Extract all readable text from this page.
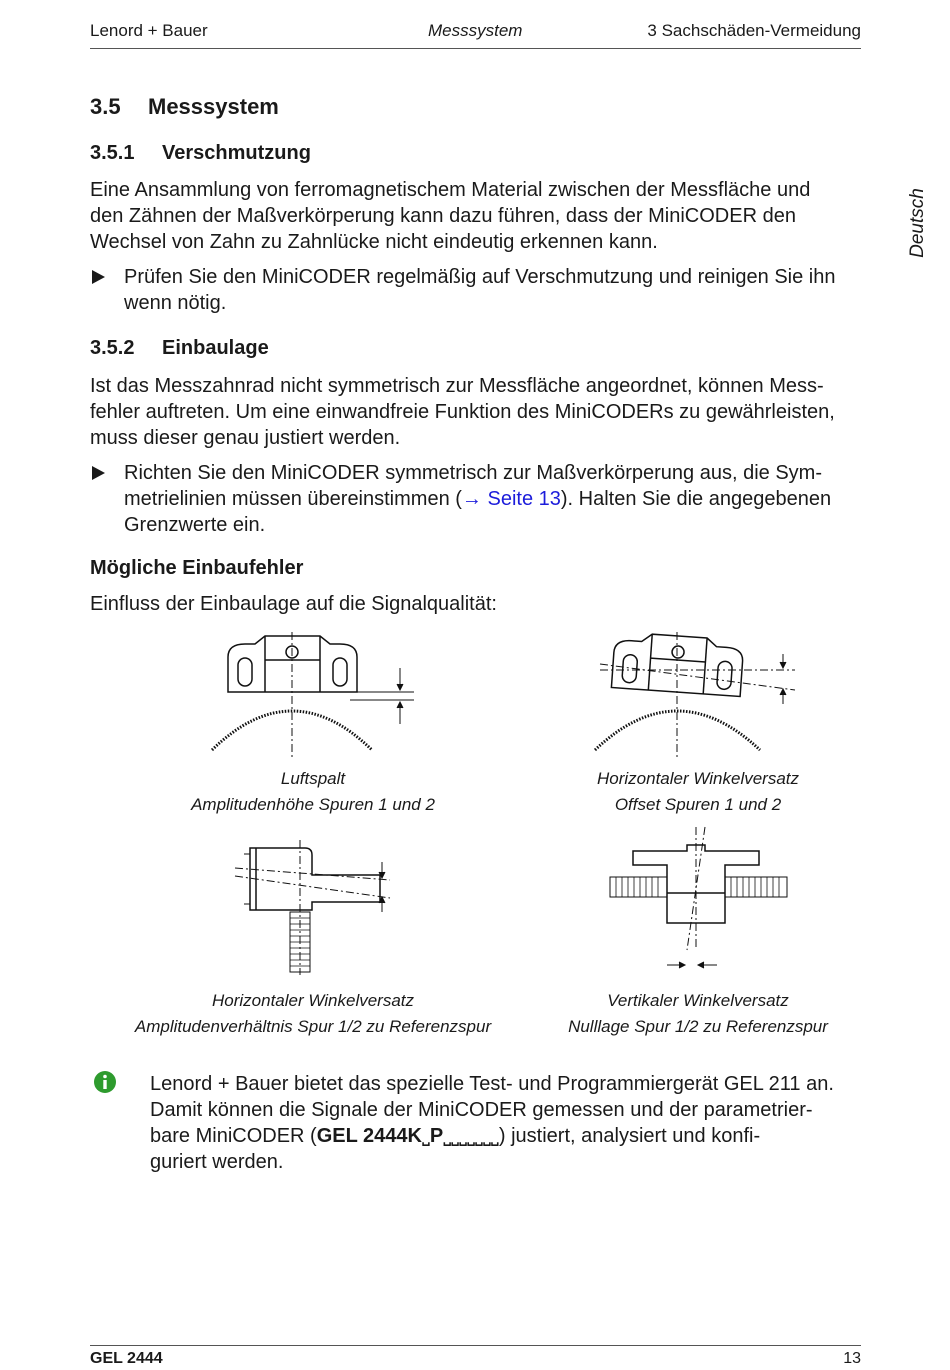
Lenord + Bauer	Messsystem	3 Sachschäden-Vermeidung
Deutsch
3.5 Messsystem
3.5.1 Verschmutzung
Eine Ansammlung von ferromagnetischem Material zwischen der Messfläche und
den Zähnen der Maßverkörperung kann dazu führen, dass der MiniCODER den
Wechsel von Zahn zu Zahnlücke nicht eindeutig erkennen kann.
Prüfen Sie den MiniCODER regelmäßig auf Verschmutzung und reinigen Sie ihn
wenn nötig.
3.5.2 Einbaulage
Ist das Messzahnrad nicht symmetrisch zur Messfläche angeordnet, können Mess-
fehler auftreten. Um eine einwandfreie Funktion des MiniCODERs zu gewährleisten,
muss dieser genau justiert werden.
Richten Sie den MiniCODER symmetrisch zur Maßverkörperung aus, die Sym-
metrielinien müssen übereinstimmen (→ Seite 13). Halten Sie die angegebenen
Grenzwerte ein.
Mögliche Einbaufehler
Einfluss der Einbaulage auf die Signalqualität:
Luftspalt
Amplitudenhöhe Spuren 1 und 2
Horizontaler Winkelversatz
Offset Spuren 1 und 2
Horizontaler Winkelversatz
Amplitudenverhältnis Spur 1/2 zu Referenzspur
Vertikaler Winkelversatz
Nulllage Spur 1/2 zu Referenzspur
Lenord + Bauer bietet das spezielle Test- und Programmiergerät GEL 211 an.
Damit können die Signale der MiniCODER gemessen und der parametrier-
bare MiniCODER (GEL 2444K˽P˽˽˽˽˽˽˽) justiert, analysiert und konfi-
guriert werden.
GEL 2444	13
